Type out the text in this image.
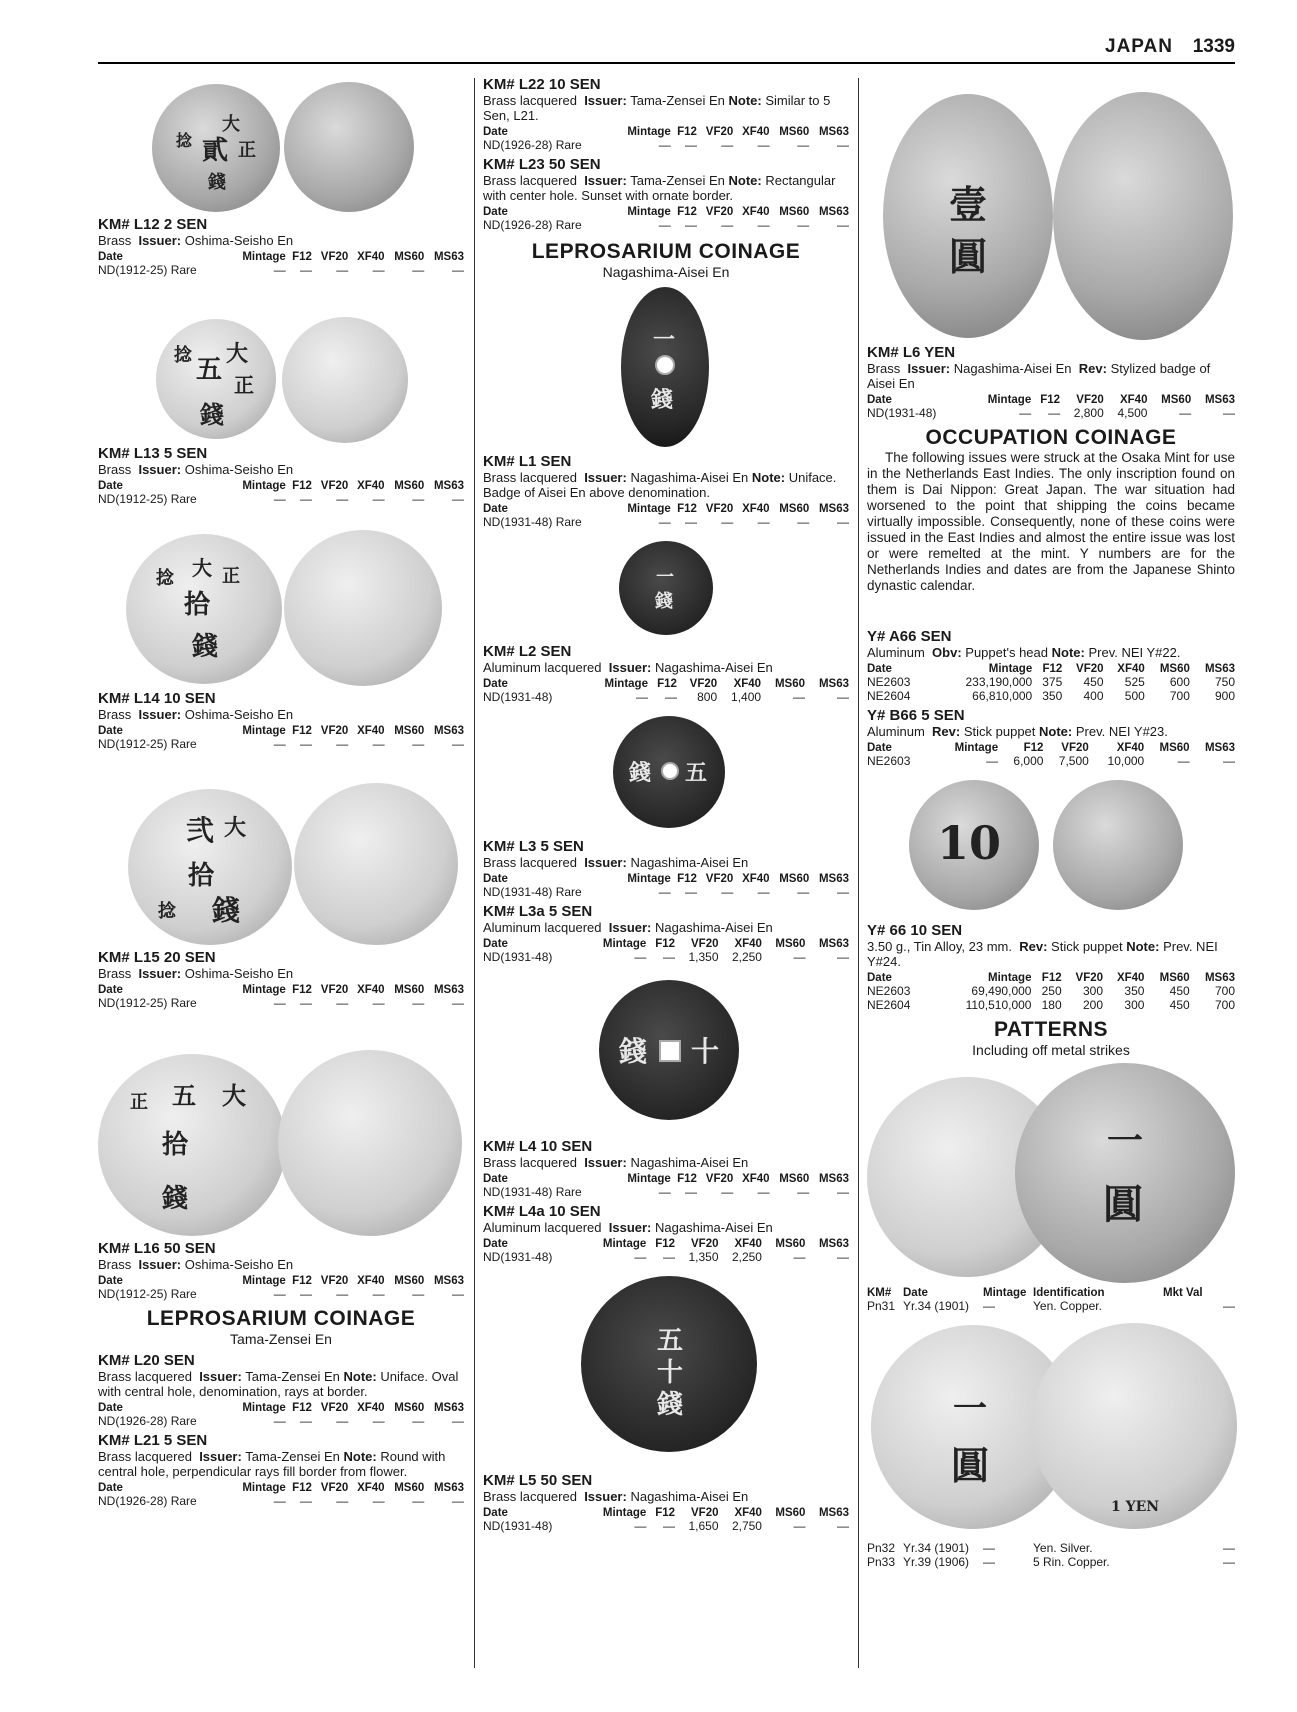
JAPAN 1339
大
正
貳
錢
捻
KM# L12 2 SEN
Brass Issuer: Oshima-Seisho En
Date	Mintage	F12	VF20	XF40	MS60	MS63
ND(1912-25) Rare	—	—	—	—	—	—
大
五 正
錢
捻
KM# L13 5 SEN
Brass Issuer: Oshima-Seisho En
Date	Mintage	F12	VF20	XF40	MS60	MS63
ND(1912-25) Rare	—	—	—	—	—	—
大 正
拾
錢
捻
KM# L14 10 SEN
Brass Issuer: Oshima-Seisho En
Date	Mintage	F12	VF20	XF40	MS60	MS63
ND(1912-25) Rare	—	—	—	—	—	—
大
弐
拾
錢
捻
KM# L15 20 SEN
Brass Issuer: Oshima-Seisho En
Date	Mintage	F12	VF20	XF40	MS60	MS63
ND(1912-25) Rare	—	—	—	—	—	—
大
五
正
拾
錢
KM# L16 50 SEN
Brass Issuer: Oshima-Seisho En
Date	Mintage	F12	VF20	XF40	MS60	MS63
ND(1912-25) Rare	—	—	—	—	—	—
LEPROSARIUM COINAGE
Tama-Zensei En
KM# L20 SEN
Brass lacquered Issuer: Tama-Zensei En Note: Uniface. Oval with central hole, denomination, rays at border.
Date	Mintage	F12	VF20	XF40	MS60	MS63
ND(1926-28) Rare	—	—	—	—	—	—
KM# L21 5 SEN
Brass lacquered Issuer: Tama-Zensei En Note: Round with central hole, perpendicular rays fill border from flower.
Date	Mintage	F12	VF20	XF40	MS60	MS63
ND(1926-28) Rare	—	—	—	—	—	—
KM# L22 10 SEN
Brass lacquered Issuer: Tama-Zensei En Note: Similar to 5 Sen, L21.
Date	Mintage	F12	VF20	XF40	MS60	MS63
ND(1926-28) Rare	—	—	—	—	—	—
KM# L23 50 SEN
Brass lacquered Issuer: Tama-Zensei En Note: Rectangular with center hole. Sunset with ornate border.
Date	Mintage	F12	VF20	XF40	MS60	MS63
ND(1926-28) Rare	—	—	—	—	—	—
LEPROSARIUM COINAGE
Nagashima-Aisei En
一
錢
KM# L1 SEN
Brass lacquered Issuer: Nagashima-Aisei En Note: Uniface. Badge of Aisei En above denomination.
Date	Mintage	F12	VF20	XF40	MS60	MS63
ND(1931-48) Rare	—	—	—	—	—	—
一
錢
KM# L2 SEN
Aluminum lacquered Issuer: Nagashima-Aisei En
Date	Mintage	F12	VF20	XF40	MS60	MS63
ND(1931-48)	—	—	800	1,400	—	—
錢 五
KM# L3 5 SEN
Brass lacquered Issuer: Nagashima-Aisei En
Date	Mintage	F12	VF20	XF40	MS60	MS63
ND(1931-48) Rare	—	—	—	—	—	—
KM# L3a 5 SEN
Aluminum lacquered Issuer: Nagashima-Aisei En
Date	Mintage	F12	VF20	XF40	MS60	MS63
ND(1931-48)	—	—	1,350	2,250	—	—
錢 十
KM# L4 10 SEN
Brass lacquered Issuer: Nagashima-Aisei En
Date	Mintage	F12	VF20	XF40	MS60	MS63
ND(1931-48) Rare	—	—	—	—	—	—
KM# L4a 10 SEN
Aluminum lacquered Issuer: Nagashima-Aisei En
Date	Mintage	F12	VF20	XF40	MS60	MS63
ND(1931-48)	—	—	1,350	2,250	—	—
五
十
錢
KM# L5 50 SEN
Brass lacquered Issuer: Nagashima-Aisei En
Date	Mintage	F12	VF20	XF40	MS60	MS63
ND(1931-48)	—	—	1,650	2,750	—	—
壹
圓
KM# L6 YEN
Brass Issuer: Nagashima-Aisei En Rev: Stylized badge of Aisei En
Date	Mintage	F12	VF20	XF40	MS60	MS63
ND(1931-48)	—	—	2,800	4,500	—	—
OCCUPATION COINAGE
The following issues were struck at the Osaka Mint for use in the Netherlands East Indies. The only inscription found on them is Dai Nippon: Great Japan. The war situation had worsened to the point that shipping the coins became virtually impossible. Consequently, none of these coins were issued in the East Indies and almost the entire issue was lost or were remelted at the mint. Y numbers are for the Netherlands Indies and dates are from the Japanese Shinto dynastic calendar.
Y# A66 SEN
Aluminum Obv: Puppet's head Note: Prev. NEI Y#22.
Date	Mintage	F12	VF20	XF40	MS60	MS63
NE2603	233,190,000	375	450	525	600	750
NE2604	66,810,000	350	400	500	700	900
Y# B66 5 SEN
Aluminum Rev: Stick puppet Note: Prev. NEI Y#23.
Date	Mintage	F12	VF20	XF40	MS60	MS63
NE2603	—	6,000	7,500	10,000	—	—
10
Y# 66 10 SEN
3.50 g., Tin Alloy, 23 mm. Rev: Stick puppet Note: Prev. NEI Y#24.
Date	Mintage	F12	VF20	XF40	MS60	MS63
NE2603	69,490,000	250	300	350	450	700
NE2604	110,510,000	180	200	300	450	700
PATTERNS
Including off metal strikes
一
圓
KM#	Date	Mintage	Identification	Mkt Val
Pn31	Yr.34 (1901)	—	Yen. Copper.	—
一
圓
1 YEN
Pn32	Yr.34 (1901)	—	Yen. Silver.	—
Pn33	Yr.39 (1906)	—	5 Rin. Copper.	—
